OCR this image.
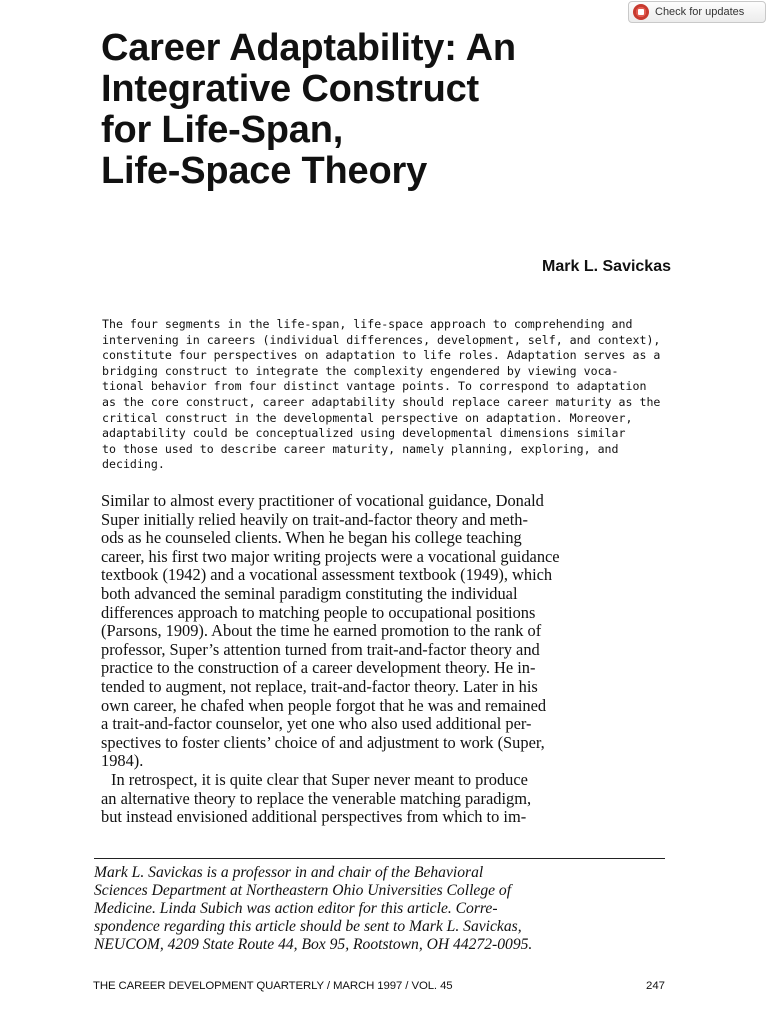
Check for updates
Career Adaptability: An
Integrative Construct
for Life-Span,
Life-Space Theory
Mark L. Savickas

The four segments in the life-span, life-space approach to comprehending and
intervening in careers (individual differences, development, self, and context),
constitute four perspectives on adaptation to life roles. Adaptation serves as a
bridging construct to integrate the complexity engendered by viewing voca-
tional behavior from four distinct vantage points. To correspond to adaptation
as the core construct, career adaptability should replace career maturity as the
critical construct in the developmental perspective on adaptation. Moreover,
adaptability could be conceptualized using developmental dimensions similar
to those used to describe career maturity, namely planning, exploring, and
deciding.

Similar to almost every practitioner of vocational guidance, Donald
Super initially relied heavily on trait-and-factor theory and meth-
ods as he counseled clients. When he began his college teaching
career, his first two major writing projects were a vocational guidance
textbook (1942) and a vocational assessment textbook (1949), which
both advanced the seminal paradigm constituting the individual
differences approach to matching people to occupational positions
(Parsons, 1909). About the time he earned promotion to the rank of
professor, Super’s attention turned from trait-and-factor theory and
practice to the construction of a career development theory. He in-
tended to augment, not replace, trait-and-factor theory. Later in his
own career, he chafed when people forgot that he was and remained
a trait-and-factor counselor, yet one who also used additional per-
spectives to foster clients’ choice of and adjustment to work (Super,
1984).
In retrospect, it is quite clear that Super never meant to produce
an alternative theory to replace the venerable matching paradigm,
but instead envisioned additional perspectives from which to im-

Mark L. Savickas is a professor in and chair of the Behavioral
Sciences Department at Northeastern Ohio Universities College of
Medicine. Linda Subich was action editor for this article. Corre-
spondence regarding this article should be sent to Mark L. Savickas,
NEUCOM, 4209 State Route 44, Box 95, Rootstown, OH 44272-0095.

THE CAREER DEVELOPMENT QUARTERLY / MARCH 1997 / VOL. 45	247
